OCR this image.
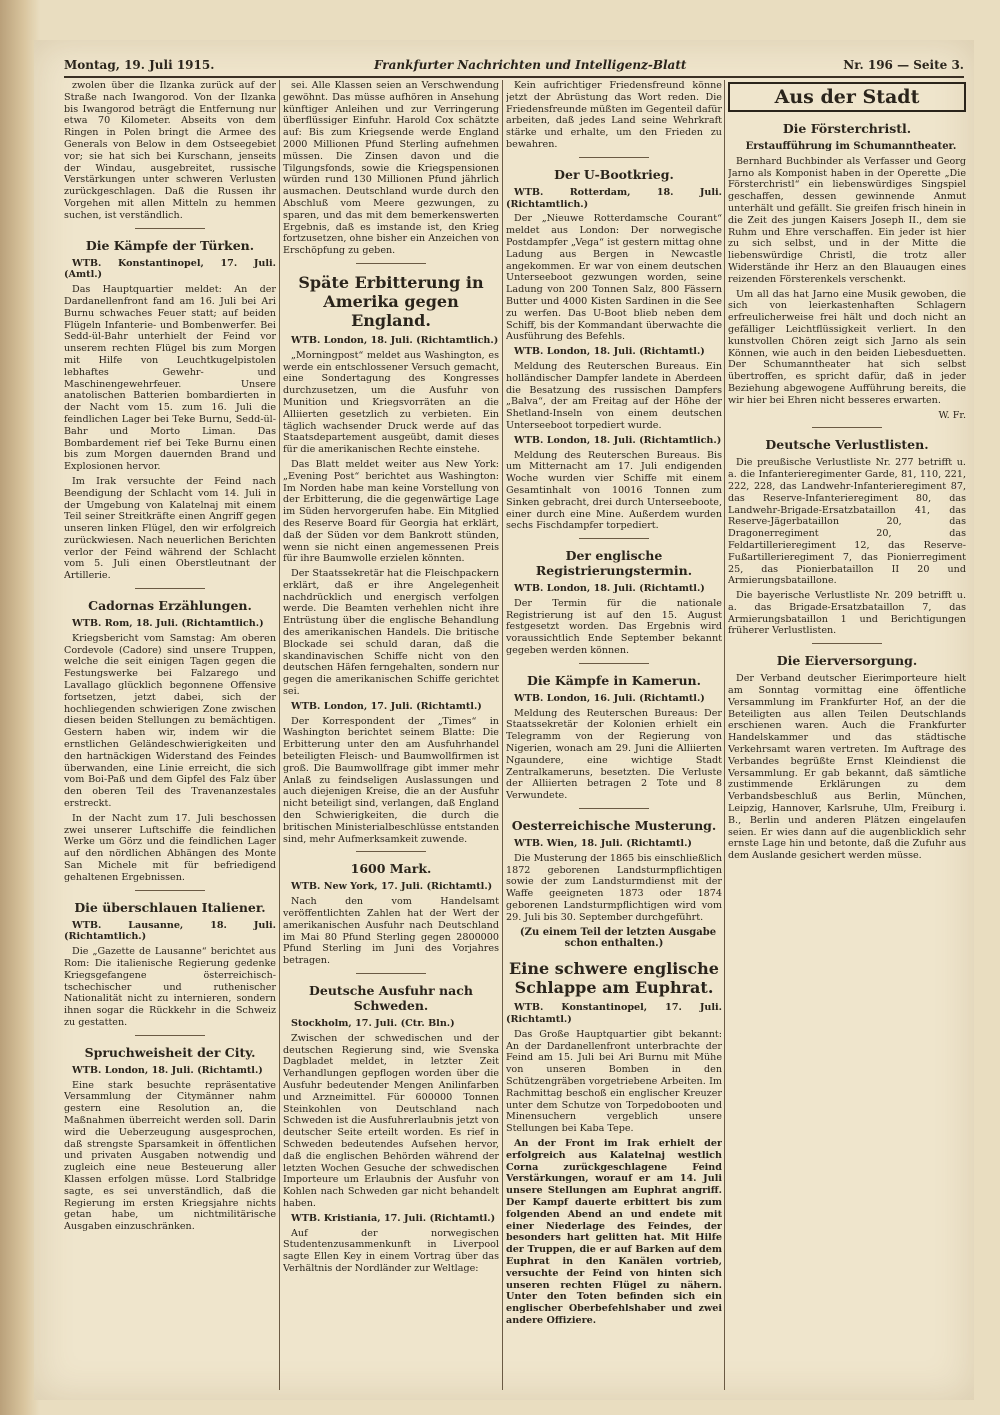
Montag, 19. Juli 1915.	Frankfurter Nachrichten und Intelligenz-Blatt	Nr. 196 — Seite 3.

zwolen über die Ilzanka zurück auf der Straße nach Iwangorod. Von der Ilzanka bis Iwangorod beträgt die Entfernung nur etwa 70 Kilometer. Abseits von dem Ringen in Polen bringt die Armee des Generals von Below in dem Ostseegebiet vor; sie hat sich bei Kurschann, jenseits der Windau, ausgebreitet, russische Verstärkungen unter schweren Verlusten zurückgeschlagen. Daß die Russen ihr Vorgehen mit allen Mitteln zu hemmen suchen, ist verständlich.

Die Kämpfe der Türken.

WTB. Konstantinopel, 17. Juli. (Amtl.)

Das Hauptquartier meldet: An der Dardanellenfront fand am 16. Juli bei Ari Burnu schwaches Feuer statt; auf beiden Flügeln Infanterie- und Bombenwerfer. Bei Sedd-ül-Bahr unterhielt der Feind vor unserem rechten Flügel bis zum Morgen mit Hilfe von Leuchtkugelpistolen lebhaftes Gewehr- und Maschinengewehrfeuer. Unsere anatolischen Batterien bombardierten in der Nacht vom 15. zum 16. Juli die feindlichen Lager bei Teke Burnu, Sedd-ül-Bahr und Morto Liman. Das Bombardement rief bei Teke Burnu einen bis zum Morgen dauernden Brand und Explosionen hervor.

Im Irak versuchte der Feind nach Beendigung der Schlacht vom 14. Juli in der Umgebung von Kalatelnaj mit einem Teil seiner Streitkräfte einen Angriff gegen unseren linken Flügel, den wir erfolgreich zurückwiesen. Nach neuerlichen Berichten verlor der Feind während der Schlacht vom 5. Juli einen Oberstleutnant der Artillerie.

Cadornas Erzählungen.

WTB. Rom, 18. Juli. (Richtamtlich.)

Kriegsbericht vom Samstag: Am oberen Cordevole (Cadore) sind unsere Truppen, welche die seit einigen Tagen gegen die Festungswerke bei Falzarego und Lavallago glücklich begonnene Offensive fortsetzen, jetzt dabei, sich der hochliegenden schwierigen Zone zwischen diesen beiden Stellungen zu bemächtigen. Gestern haben wir, indem wir die ernstlichen Geländeschwierigkeiten und den hartnäckigen Widerstand des Feindes überwanden, eine Linie erreicht, die sich vom Boi-Paß und dem Gipfel des Falz über den oberen Teil des Travenanzestales erstreckt.

In der Nacht zum 17. Juli beschossen zwei unserer Luftschiffe die feindlichen Werke um Görz und die feindlichen Lager auf den nördlichen Abhängen des Monte San Michele mit für befriedigend gehaltenen Ergebnissen.

Die überschlauen Italiener.

WTB. Lausanne, 18. Juli. (Richtamtlich.)

Die „Gazette de Lausanne“ berichtet aus Rom: Die italienische Regierung gedenke Kriegsgefangene österreichisch-tschechischer und ruthenischer Nationalität nicht zu internieren, sondern ihnen sogar die Rückkehr in die Schweiz zu gestatten.

Spruchweisheit der City.

WTB. London, 18. Juli. (Richtamtl.)

Eine stark besuchte repräsentative Versammlung der Citymänner nahm gestern eine Resolution an, die Maßnahmen überreicht werden soll. Darin wird die Ueberzeugung ausgesprochen, daß strengste Sparsamkeit in öffentlichen und privaten Ausgaben notwendig und zugleich eine neue Besteuerung aller Klassen erfolgen müsse. Lord Stalbridge sagte, es sei unverständlich, daß die Regierung im ersten Kriegsjahre nichts getan habe, um nichtmilitärische Ausgaben einzuschränken.

sei. Alle Klassen seien an Verschwendung gewöhnt. Das müsse aufhören in Ansehung künftiger Anleihen und zur Verringerung überflüssiger Einfuhr. Harold Cox schätzte auf: Bis zum Kriegsende werde England 2000 Millionen Pfund Sterling aufnehmen müssen. Die Zinsen davon und die Tilgungsfonds, sowie die Kriegspensionen würden rund 130 Millionen Pfund jährlich ausmachen. Deutschland wurde durch den Abschluß vom Meere gezwungen, zu sparen, und das mit dem bemerkenswerten Ergebnis, daß es imstande ist, den Krieg fortzusetzen, ohne bisher ein Anzeichen von Erschöpfung zu geben.

Späte Erbitterung in Amerika gegen England.

WTB. London, 18. Juli. (Richtamtlich.)

„Morningpost“ meldet aus Washington, es werde ein entschlossener Versuch gemacht, eine Sondertagung des Kongresses durchzusetzen, um die Ausfuhr von Munition und Kriegsvorräten an die Alliierten gesetzlich zu verbieten. Ein täglich wachsender Druck werde auf das Staatsdepartement ausgeübt, damit dieses für die amerikanischen Rechte einstehe.

Das Blatt meldet weiter aus New York: „Evening Post“ berichtet aus Washington: Im Norden habe man keine Vorstellung von der Erbitterung, die die gegenwärtige Lage im Süden hervorgerufen habe. Ein Mitglied des Reserve Board für Georgia hat erklärt, daß der Süden vor dem Bankrott stünden, wenn sie nicht einen angemessenen Preis für ihre Baumwolle erzielen könnten.

Der Staatssekretär hat die Fleischpackern erklärt, daß er ihre Angelegenheit nachdrücklich und energisch verfolgen werde. Die Beamten verhehlen nicht ihre Entrüstung über die englische Behandlung des amerikanischen Handels. Die britische Blockade sei schuld daran, daß die skandinavischen Schiffe nicht von den deutschen Häfen ferngehalten, sondern nur gegen die amerikanischen Schiffe gerichtet sei.

WTB. London, 17. Juli. (Richtamtl.)

Der Korrespondent der „Times“ in Washington berichtet seinem Blatte: Die Erbitterung unter den am Ausfuhrhandel beteiligten Fleisch- und Baumwollfirmen ist groß. Die Baumwollfrage gibt immer mehr Anlaß zu feindseligen Auslassungen und auch diejenigen Kreise, die an der Ausfuhr nicht beteiligt sind, verlangen, daß England den Schwierigkeiten, die durch die britischen Ministerialbeschlüsse entstanden sind, mehr Aufmerksamkeit zuwende.

1600 Mark.

WTB. New York, 17. Juli. (Richtamtl.)

Nach den vom Handelsamt veröffentlichten Zahlen hat der Wert der amerikanischen Ausfuhr nach Deutschland im Mai 80 Pfund Sterling gegen 2800000 Pfund Sterling im Juni des Vorjahres betragen.

Deutsche Ausfuhr nach Schweden.

Stockholm, 17. Juli. (Ctr. Bln.)

Zwischen der schwedischen und der deutschen Regierung sind, wie Svenska Dagbladet meldet, in letzter Zeit Verhandlungen gepflogen worden über die Ausfuhr bedeutender Mengen Anilinfarben und Arzneimittel. Für 600000 Tonnen Steinkohlen von Deutschland nach Schweden ist die Ausfuhrerlaubnis jetzt von deutscher Seite erteilt worden. Es rief in Schweden bedeutendes Aufsehen hervor, daß die englischen Behörden während der letzten Wochen Gesuche der schwedischen Importeure um Erlaubnis der Ausfuhr von Kohlen nach Schweden gar nicht behandelt haben.

WTB. Kristiania, 17. Juli. (Richtamtl.)

Auf der norwegischen Studentenzusammenkunft in Liverpool sagte Ellen Key in einem Vortrag über das Verhältnis der Nordländer zur Weltlage:

Kein aufrichtiger Friedensfreund könne jetzt der Abrüstung das Wort reden. Die Friedensfreunde müßten im Gegenteil dafür arbeiten, daß jedes Land seine Wehrkraft stärke und erhalte, um den Frieden zu bewahren.

Der U-Bootkrieg.

WTB. Rotterdam, 18. Juli. (Richtamtlich.)

Der „Nieuwe Rotterdamsche Courant“ meldet aus London: Der norwegische Postdampfer „Vega“ ist gestern mittag ohne Ladung aus Bergen in Newcastle angekommen. Er war von einem deutschen Unterseeboot gezwungen worden, seine Ladung von 200 Tonnen Salz, 800 Fässern Butter und 4000 Kisten Sardinen in die See zu werfen. Das U-Boot blieb neben dem Schiff, bis der Kommandant überwachte die Ausführung des Befehls.

WTB. London, 18. Juli. (Richtamtl.)

Meldung des Reuterschen Bureaus. Ein holländischer Dampfer landete in Aberdeen die Besatzung des russischen Dampfers „Balva“, der am Freitag auf der Höhe der Shetland-Inseln von einem deutschen Unterseeboot torpediert wurde.

WTB. London, 18. Juli. (Richtamtlich.)

Meldung des Reuterschen Bureaus. Bis um Mitternacht am 17. Juli endigenden Woche wurden vier Schiffe mit einem Gesamtinhalt von 10016 Tonnen zum Sinken gebracht, drei durch Unterseeboote, einer durch eine Mine. Außerdem wurden sechs Fischdampfer torpediert.

Der englische Registrierungstermin.

WTB. London, 18. Juli. (Richtamtl.)

Der Termin für die nationale Registrierung ist auf den 15. August festgesetzt worden. Das Ergebnis wird voraussichtlich Ende September bekannt gegeben werden können.

Die Kämpfe in Kamerun.

WTB. London, 16. Juli. (Richtamtl.)

Meldung des Reuterschen Bureaus: Der Staatssekretär der Kolonien erhielt ein Telegramm von der Regierung von Nigerien, wonach am 29. Juni die Alliierten Ngaundere, eine wichtige Stadt Zentralkameruns, besetzten. Die Verluste der Alliierten betragen 2 Tote und 8 Verwundete.

Oesterreichische Musterung.

WTB. Wien, 18. Juli. (Richtamtl.)

Die Musterung der 1865 bis einschließlich 1872 geborenen Landsturmpflichtigen sowie der zum Landsturmdienst mit der Waffe geeigneten 1873 oder 1874 geborenen Landsturmpflichtigen wird vom 29. Juli bis 30. September durchgeführt.

(Zu einem Teil der letzten Ausgabe schon enthalten.)

Eine schwere englische Schlappe am Euphrat.

WTB. Konstantinopel, 17. Juli. (Richtamtl.)

Das Große Hauptquartier gibt bekannt: An der Dardanellenfront unterbrachte der Feind am 15. Juli bei Ari Burnu mit Mühe von unseren Bomben in den Schützengräben vorgetriebene Arbeiten. Im Rachmittag beschoß ein englischer Kreuzer unter dem Schutze von Torpedobooten und Minensuchern vergeblich unsere Stellungen bei Kaba Tepe.

An der Front im Irak erhielt der erfolgreich aus Kalatelnaj westlich Corna zurückgeschlagene Feind Verstärkungen, worauf er am 14. Juli unsere Stellungen am Euphrat angriff. Der Kampf dauerte erbittert bis zum folgenden Abend an und endete mit einer Niederlage des Feindes, der besonders hart gelitten hat. Mit Hilfe der Truppen, die er auf Barken auf dem Euphrat in den Kanälen vortrieb, versuchte der Feind von hinten sich unseren rechten Flügel zu nähern. Unter den Toten befinden sich ein englischer Oberbefehlshaber und zwei andere Offiziere.

Aus der Stadt
Die Försterchristl.

Erstaufführung im Schumanntheater.

Bernhard Buchbinder als Verfasser und Georg Jarno als Komponist haben in der Operette „Die Försterchristl“ ein liebenswürdiges Singspiel geschaffen, dessen gewinnende Anmut unterhält und gefällt. Sie greifen frisch hinein in die Zeit des jungen Kaisers Joseph II., dem sie Ruhm und Ehre verschaffen. Ein jeder ist hier zu sich selbst, und in der Mitte die liebenswürdige Christl, die trotz aller Widerstände ihr Herz an den Blauaugen eines reizenden Försterenkels verschenkt.

Um all das hat Jarno eine Musik gewoben, die sich von leierkastenhaften Schlagern erfreulicherweise frei hält und doch nicht an gefälliger Leichtflüssigkeit verliert. In den kunstvollen Chören zeigt sich Jarno als sein Können, wie auch in den beiden Liebesduetten. Der Schumanntheater hat sich selbst übertroffen, es spricht dafür, daß in jeder Beziehung abgewogene Aufführung bereits, die wir hier bei Ehren nicht besseres erwarten.

W. Fr.

Deutsche Verlustlisten.

Die preußische Verlustliste Nr. 277 betrifft u. a. die Infanterieregimenter Garde, 81, 110, 221, 222, 228, das Landwehr-Infanterieregiment 87, das Reserve-Infanterieregiment 80, das Landwehr-Brigade-Ersatzbataillon 41, das Reserve-Jägerbataillon 20, das Dragonerregiment 20, das Feldartillerieregiment 12, das Reserve-Fußartillerieregiment 7, das Pionierregiment 25, das Pionierbataillon II 20 und Armierungsbataillone.

Die bayerische Verlustliste Nr. 209 betrifft u. a. das Brigade-Ersatzbataillon 7, das Armierungsbataillon 1 und Berichtigungen früherer Verlustlisten.

Die Eierversorgung.

Der Verband deutscher Eierimporteure hielt am Sonntag vormittag eine öffentliche Versammlung im Frankfurter Hof, an der die Beteiligten aus allen Teilen Deutschlands erschienen waren. Auch die Frankfurter Handelskammer und das städtische Verkehrsamt waren vertreten. Im Auftrage des Verbandes begrüßte Ernst Kleindienst die Versammlung. Er gab bekannt, daß sämtliche zustimmende Erklärungen zu dem Verbandsbeschluß aus Berlin, München, Leipzig, Hannover, Karlsruhe, Ulm, Freiburg i. B., Berlin und anderen Plätzen eingelaufen seien. Er wies dann auf die augenblicklich sehr ernste Lage hin und betonte, daß die Zufuhr aus dem Auslande gesichert werden müsse.
